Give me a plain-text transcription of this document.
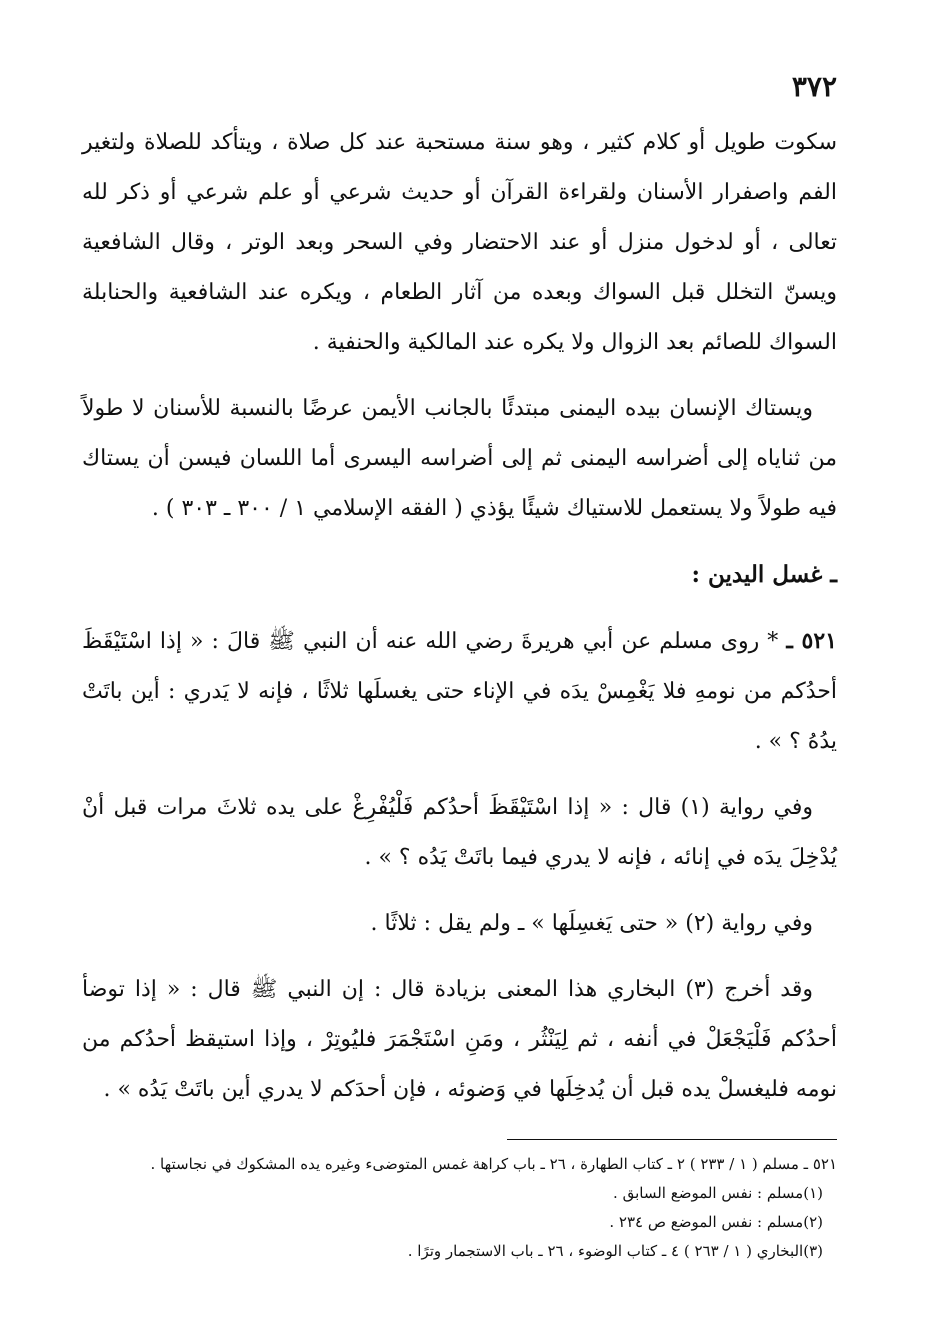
٣٧٢

سكوت طويل أو كلام كثير ، وهو سنة مستحبة عند كل صلاة ، ويتأكد للصلاة ولتغير الفم واصفرار الأسنان ولقراءة القرآن أو حديث شرعي أو علم شرعي أو ذكر لله تعالى ، أو لدخول منزل أو عند الاحتضار وفي السحر وبعد الوتر ، وقال الشافعية ويسنّ التخلل قبل السواك وبعده من آثار الطعام ، ويكره عند الشافعية والحنابلة السواك للصائم بعد الزوال ولا يكره عند المالكية والحنفية .

ويستاك الإنسان بيده اليمنى مبتدئًا بالجانب الأيمن عرضًا بالنسبة للأسنان لا طولاً من ثناياه إلى أضراسه اليمنى ثم إلى أضراسه اليسرى أما اللسان فيسن أن يستاك فيه طولاً ولا يستعمل للاستياك شيئًا يؤذي ( الفقه الإسلامي ١ / ٣٠٠ ـ ٣٠٣ ) .

ـ غسل اليدين :

٥٢١ ـ * روى مسلم عن أبي هريرةَ رضي الله عنه أن النبي ﷺ قالَ : « إذا اسْتَيْقَظَ أحدُكم من نومهِ فلا يَغْمِسْ يدَه في الإناء حتى يغسلَها ثلاثًا ، فإنه لا يَدري : أين باتَتْ يدُهُ ؟ » .

وفي رواية (١) قال : « إذا اسْتَيْقَظَ أحدُكم فَلْيُفْرِغْ على يده ثلاثَ مرات قبل أنْ يُدْخِلَ يدَه في إنائه ، فإنه لا يدري فيما باتَتْ يَدُه ؟ » .

وفي رواية (٢) « حتى يَغسِلَها » ـ ولم يقل : ثلاثًا .

وقد أخرج (٣) البخاري هذا المعنى بزيادة قال : إن النبي ﷺ قال : « إذا توضأ أحدُكم فَلْيَجْعَلْ في أنفه ، ثم لِيَنْثُر ، ومَنِ اسْتَجْمَرَ فليُوتِرْ ، وإذا استيقظ أحدُكم من نومه فليغسلْ يده قبل أن يُدخِلَها في وَضوئه ، فإن أحدَكم لا يدري أين باتَتْ يَدُه » .

٥٢١ ـ مسلم ( ١ / ٢٣٣ ) ٢ ـ كتاب الطهارة ، ٢٦ ـ باب كراهة غمس المتوضىء وغيره يده المشكوك في نجاستها .

(١)مسلم : نفس الموضع السابق .

(٢)مسلم : نفس الموضع ص ٢٣٤ .

(٣)البخاري ( ١ / ٢٦٣ ) ٤ ـ كتاب الوضوء ، ٢٦ ـ باب الاستجمار وترًا .
